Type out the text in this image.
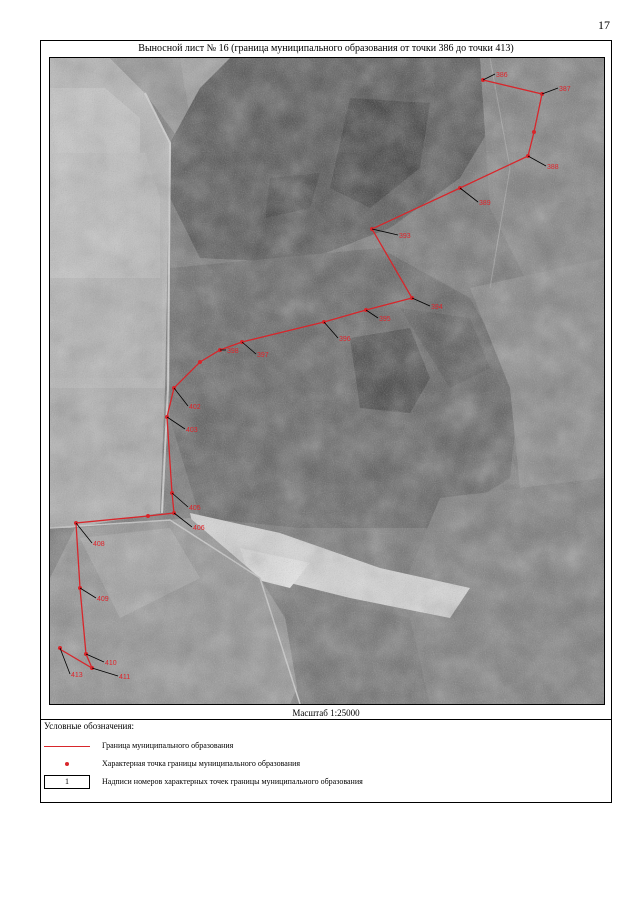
17
Выносной лист № 16 (граница муниципального образования от точки 386 до точки 413)
386
387
388
389
393
394
395
396
397
398
402
403
405
406
408
409
410
411
413
Масштаб 1:25000
Условные обозначения:
Граница муниципального образования
Характерная точка границы муниципального образования
1	Надписи номеров характерных точек границы муниципального образования
